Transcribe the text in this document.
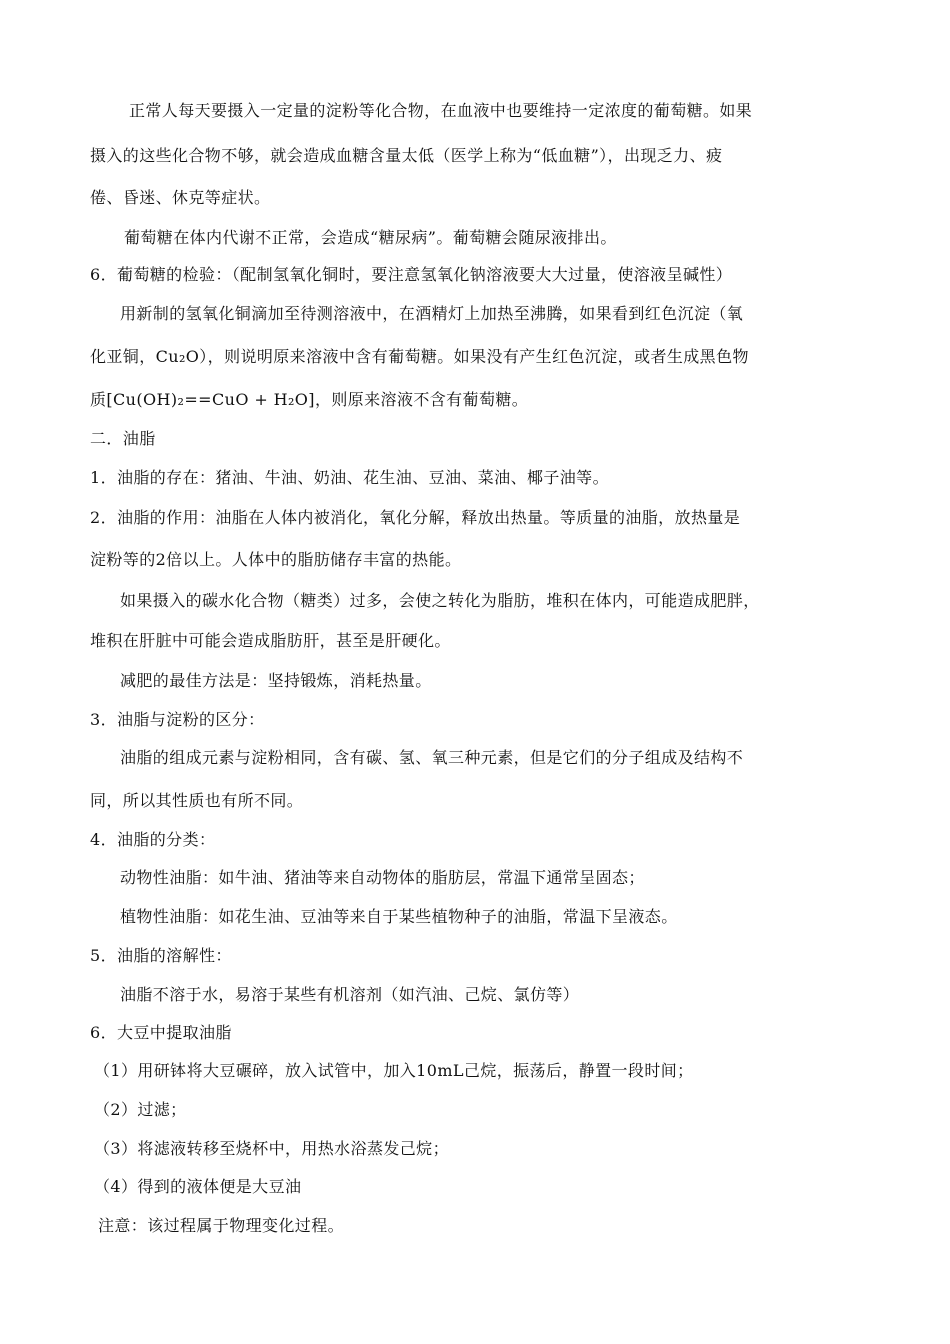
正常人每天要摄入一定量的淀粉等化合物，在血液中也要维持一定浓度的葡萄糖。如果
摄入的这些化合物不够，就会造成血糖含量太低（医学上称为“低血糖”），出现乏力、疲
倦、昏迷、休克等症状。
葡萄糖在体内代谢不正常，会造成“糖尿病”。葡萄糖会随尿液排出。
6．葡萄糖的检验：（配制氢氧化铜时，要注意氢氧化钠溶液要大大过量，使溶液呈碱性）
用新制的氢氧化铜滴加至待测溶液中，在酒精灯上加热至沸腾，如果看到红色沉淀（氧
化亚铜，Cu₂O），则说明原来溶液中含有葡萄糖。如果没有产生红色沉淀，或者生成黑色物
质[Cu(OH)₂==CuO + H₂O]，则原来溶液不含有葡萄糖。
二．油脂
1．油脂的存在：猪油、牛油、奶油、花生油、豆油、菜油、椰子油等。
2．油脂的作用：油脂在人体内被消化，氧化分解，释放出热量。等质量的油脂，放热量是
淀粉等的2倍以上。人体中的脂肪储存丰富的热能。
如果摄入的碳水化合物（糖类）过多，会使之转化为脂肪，堆积在体内，可能造成肥胖，
堆积在肝脏中可能会造成脂肪肝，甚至是肝硬化。
减肥的最佳方法是：坚持锻炼，消耗热量。
3．油脂与淀粉的区分：
油脂的组成元素与淀粉相同，含有碳、氢、氧三种元素，但是它们的分子组成及结构不
同，所以其性质也有所不同。
4．油脂的分类：
动物性油脂：如牛油、猪油等来自动物体的脂肪层，常温下通常呈固态；
植物性油脂：如花生油、豆油等来自于某些植物种子的油脂，常温下呈液态。
5．油脂的溶解性：
油脂不溶于水，易溶于某些有机溶剂（如汽油、己烷、氯仿等）
6．大豆中提取油脂
（1）用研钵将大豆碾碎，放入试管中，加入10mL己烷，振荡后，静置一段时间；
（2）过滤；
（3）将滤液转移至烧杯中，用热水浴蒸发己烷；
（4）得到的液体便是大豆油
注意：该过程属于物理变化过程。
